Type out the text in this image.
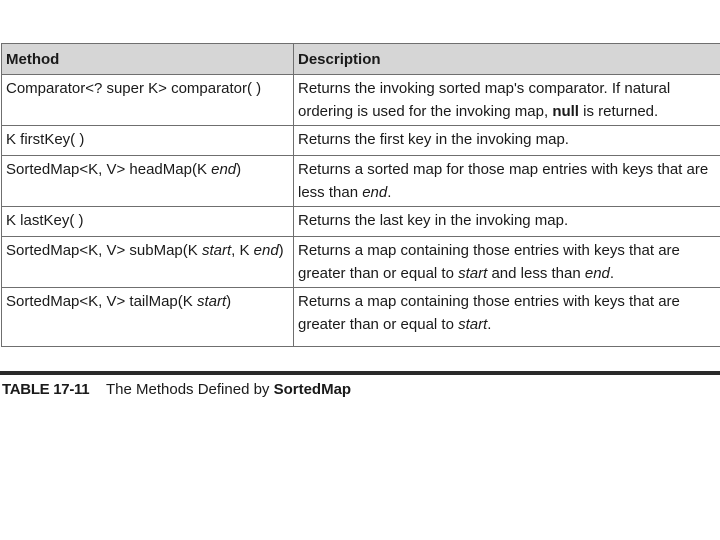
Method	Description
Comparator<? super K> comparator( )	Returns the invoking sorted map's comparator. If natural ordering is used for the invoking map, null is returned.
K firstKey( )	Returns the first key in the invoking map.
SortedMap<K, V> headMap(K end)	Returns a sorted map for those map entries with keys that are less than end.
K lastKey( )	Returns the last key in the invoking map.
SortedMap<K, V> subMap(K start, K end)	Returns a map containing those entries with keys that are greater than or equal to start and less than end.
SortedMap<K, V> tailMap(K start)	Returns a map containing those entries with keys that are greater than or equal to start.
TABLE 17-11 The Methods Defined by SortedMap
